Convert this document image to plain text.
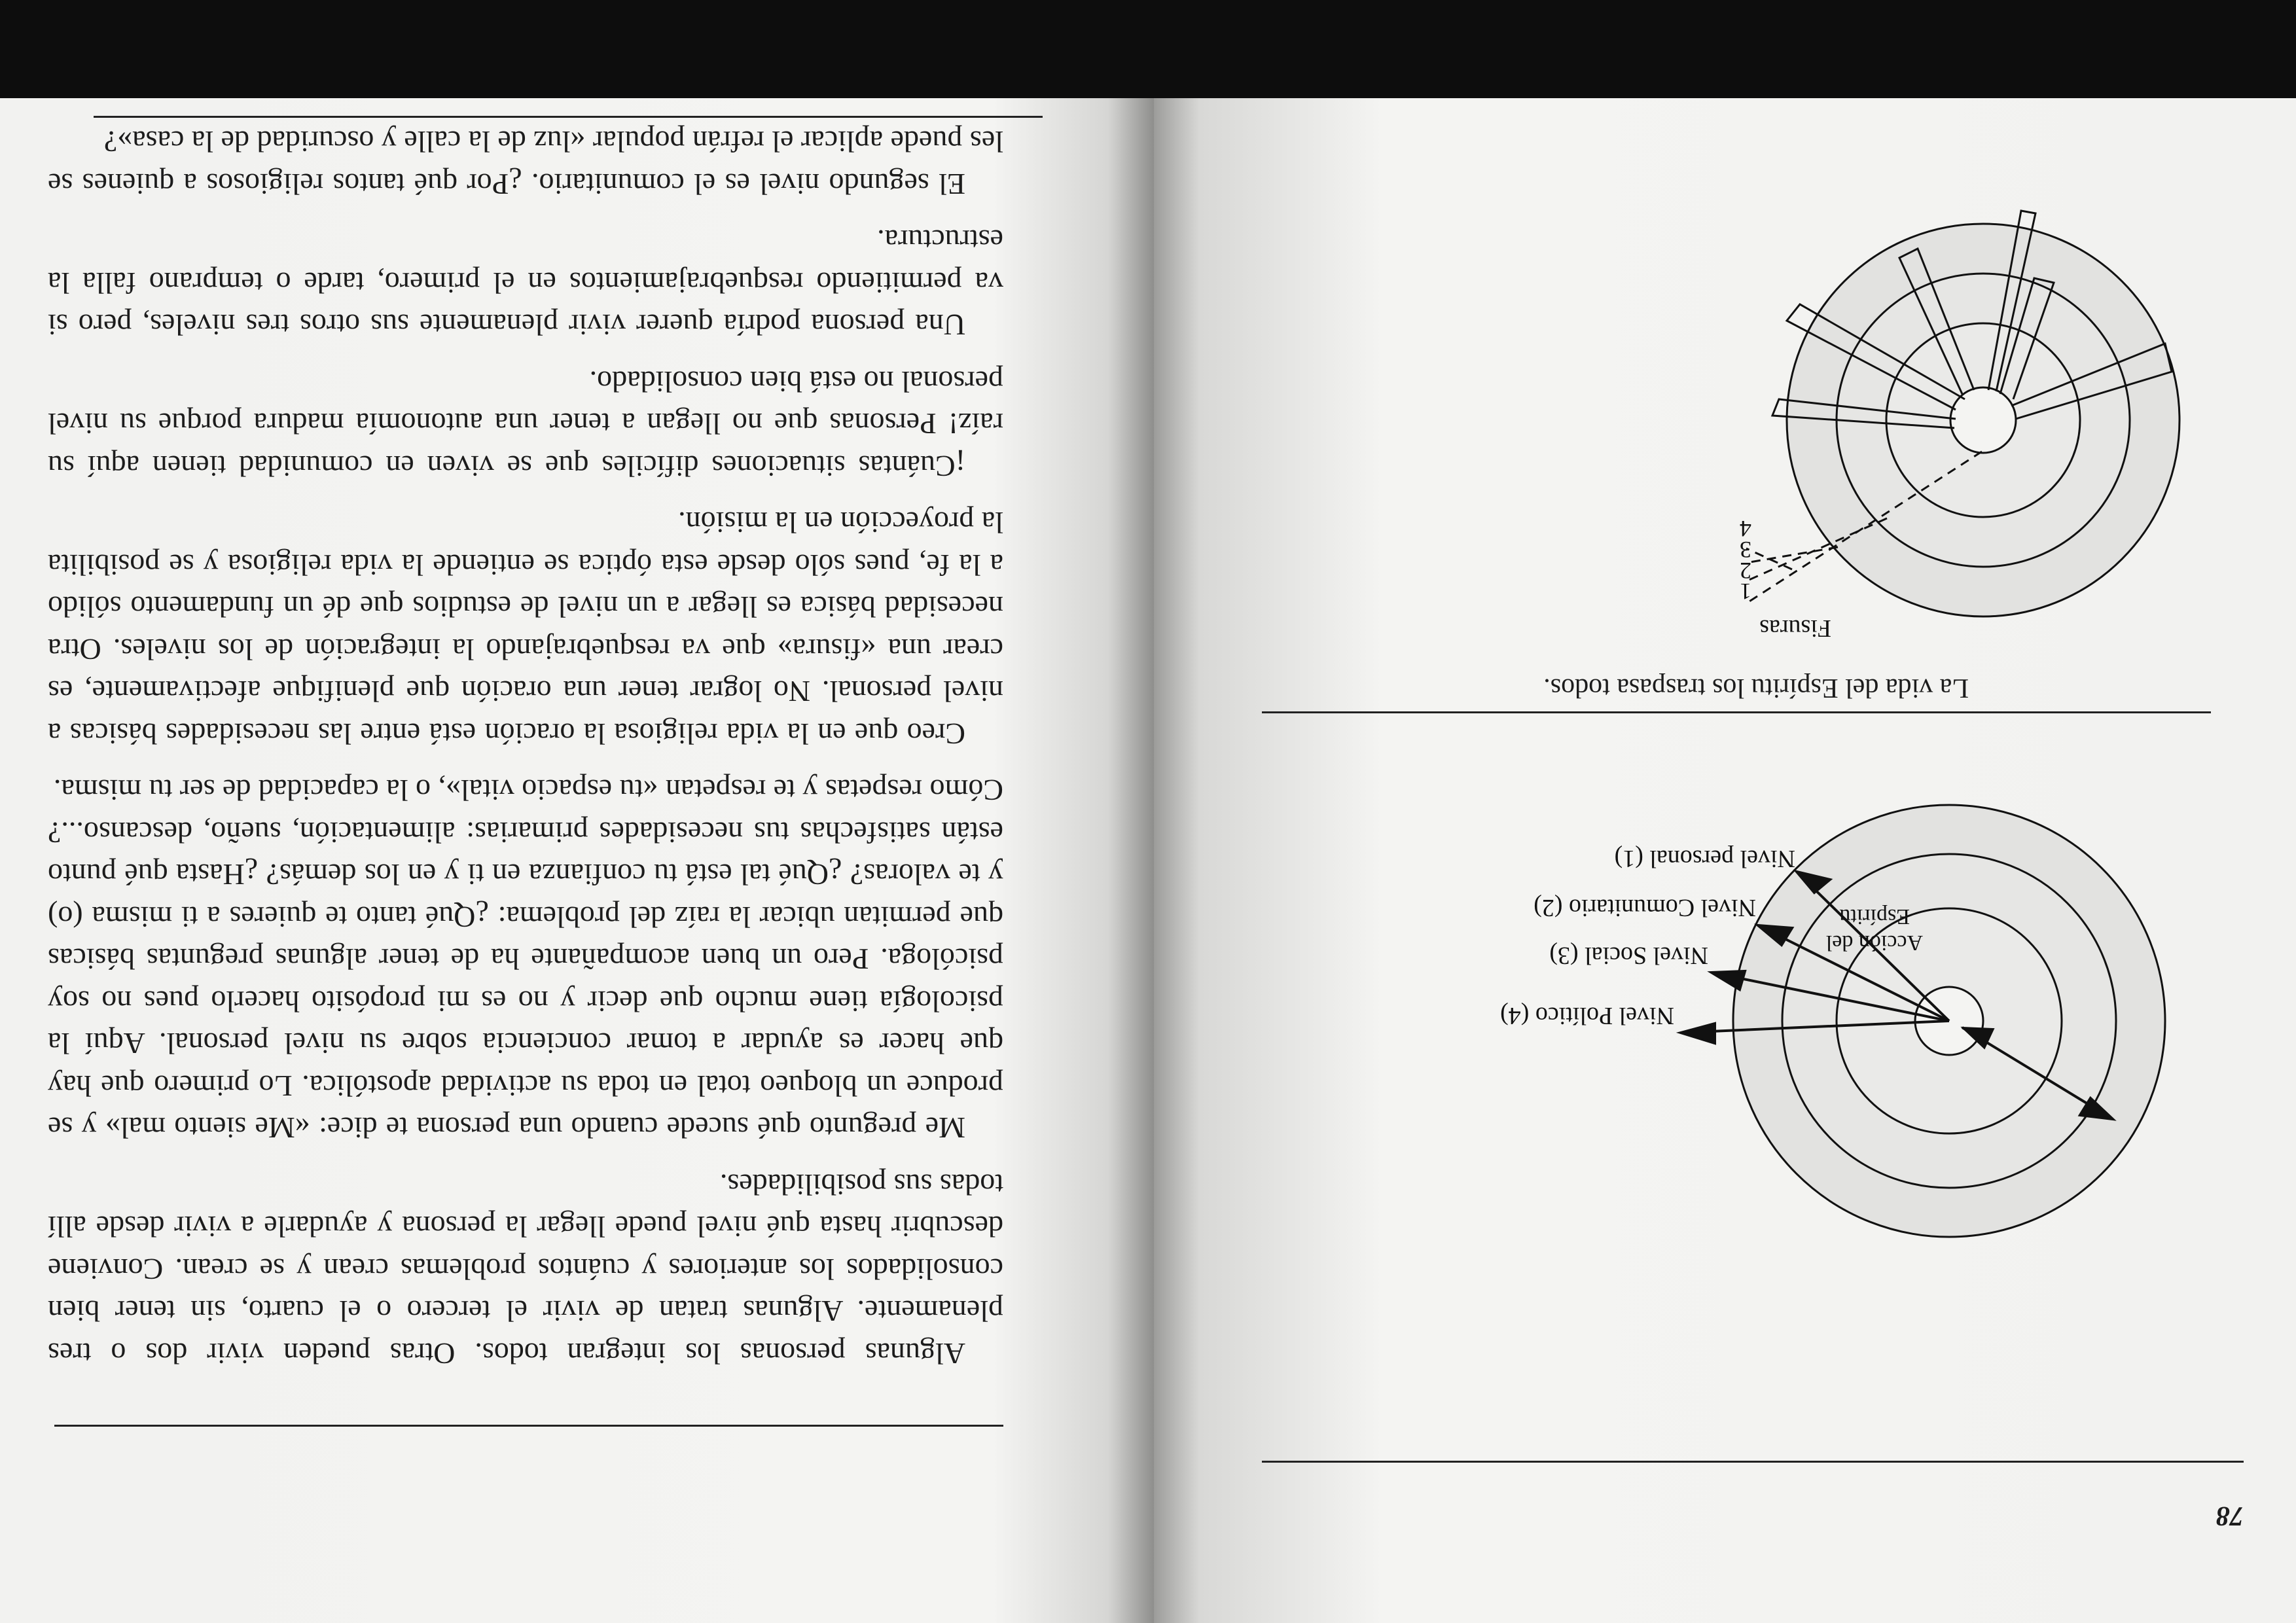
78
1
2
3
4
Fisuras
Nivel personal (1)
Nivel Comunitario (2)
Nivel Social (3)
Nivel Político (4)
Acción del
Espíritu
La vida del Espíritu los traspasa todos.

Algunas personas los integran todos. Otras pueden vivir dos o tres plenamente. Algunas tratan de vivir el tercero o el cuarto, sin tener bien consolidados los anteriores y cuántos problemas crean y se crean. Conviene descubrir hasta qué nivel puede llegar la persona y ayudarle a vivir desde allí todas sus posibilidades.

Me pregunto qué sucede cuando una persona te dice: «Me siento mal» y se produce un bloqueo total en toda su actividad apostólica. Lo primero que hay que hacer es ayudar a tomar conciencia sobre su nivel personal. Aquí la psicología tiene mucho que decir y no es mi propósito hacerlo pues no soy psicóloga. Pero un buen acompañante ha de tener algunas preguntas básicas que permitan ubicar la raíz del problema: ¿Qué tanto te quieres a ti misma (o) y te valoras? ¿Qué tal está tu confianza en ti y en los demás? ¿Hasta qué punto están satisfechas tus necesidades primarias: alimentación, sueño, descanso...? Cómo respetas y te respetan «tu espacio vital», o la capacidad de ser tu misma.

Creo que en la vida religiosa la oración está entre las necesidades básicas a nivel personal. No lograr tener una oración que plenifique afectivamente, es crear una «fisura» que va resquebrajando la integración de los niveles. Otra necesidad básica es llegar a un nivel de estudios que dé un fundamento sólido a la fe, pues sólo desde esta óptica se entiende la vida religiosa y se posibilita la proyección en la misión.

¡Cuántas situaciones difíciles que se viven en comunidad tienen aquí su raíz! Personas que no llegan a tener una autonomía madura porque su nivel personal no está bien consolidado.

Una persona podría querer vivir plenamente sus otros tres niveles, pero si va permitiendo resquebrajamientos en el primero, tarde o temprano falla la estructura.

El segundo nivel es el comunitario. ¿Por qué tantos religiosos a quienes se les puede aplicar el refrán popular «luz de la calle y oscuridad de la casa»?
